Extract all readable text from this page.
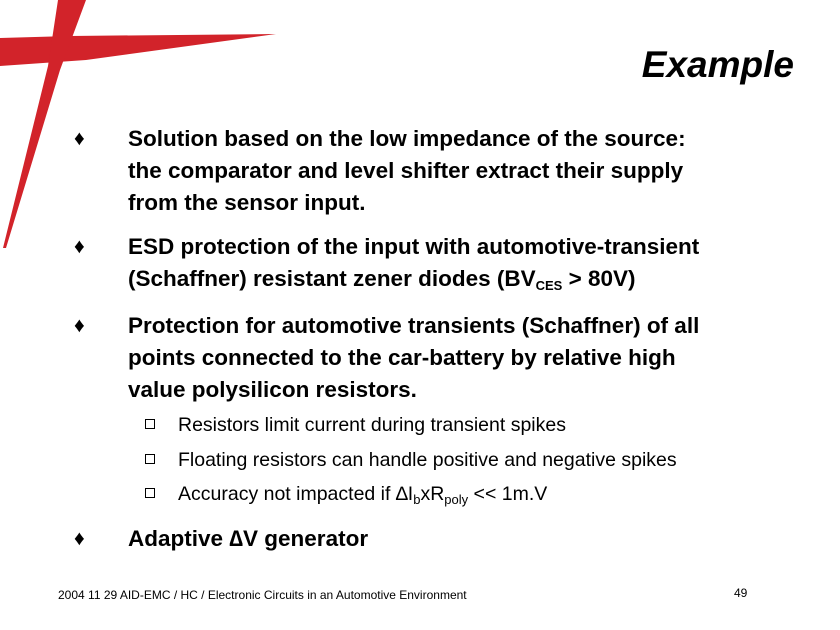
Example
♦	Solution based on the low impedance of the source:
the comparator and level shifter extract their supply
from the sensor input.
♦	ESD protection of the input with automotive-transient
(Schaffner) resistant zener diodes $(BV_{CES} > 80V)$
♦	Protection for automotive transients (Schaffner) of all
points connected to the car-battery by relative high
value polysilicon resistors.
Resistors limit current during transient spikes
Floating resistors can handle positive and negative spikes
Accuracy not impacted if $\Delta I_bxR_{poly} << 1m.V$
♦	Adaptive ∆V generator
2004 11 29 AID-EMC / HC / Electronic Circuits in an Automotive Environment	49
